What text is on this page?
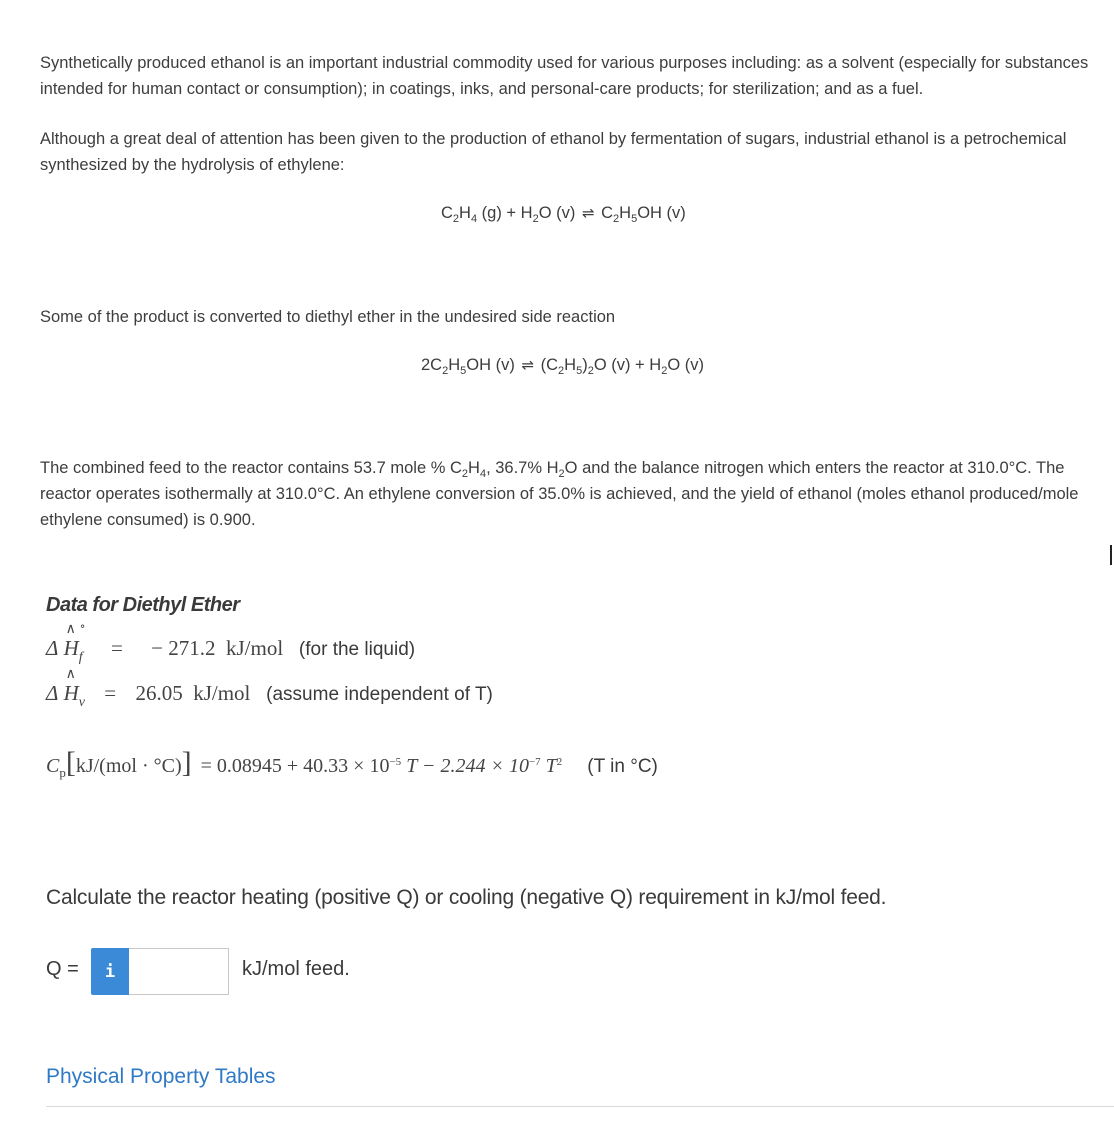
Synthetically produced ethanol is an important industrial commodity used for various purposes including: as a solvent (especially for substances intended for human contact or consumption); in coatings, inks, and personal-care products; for sterilization; and as a fuel.

Although a great deal of attention has been given to the production of ethanol by fermentation of sugars, industrial ethanol is a petrochemical synthesized by the hydrolysis of ethylene:

$C_2H_4$ $(g) + H_2O$ (v) ⇌ $C_2H_5OH$ (v)

Some of the product is converted to diethyl ether in the undesired side reaction

$2C_2H_5OH$ (v) ⇌ $(C_2H_5)_2O$ $(v) + H_2O$ (v)

The combined feed to the reactor contains 53.7 mole % $C_2H_4$, 36.7% $H_2O$ and the balance nitrogen which enters the reactor at 310.0°C. The reactor operates isothermally at 310.0°C. An ethylene conversion of 35.0% is achieved, and the yield of ethanol (moles ethanol produced/mole ethylene consumed) is 0.900.

Data for Diethyl Ether
Δ
∧ ∘
$H_f$ = − 271.2 kJ/mol (for the liquid)
Δ
∧
$H_v = 26.05$ kJ/mol (assume independent of T)
$C_p[kJ/(mol \cdot ^\circ C)] = 0.08945 + 40.33 \times 10^{-5}$ $T - 2.244 \times 10^{-7}$ $T^2$ (T in °C)

Calculate the reactor heating (positive Q) or cooling (negative Q) requirement in kJ/mol feed.

Q =	i	kJ/mol feed.
Physical Property Tables
